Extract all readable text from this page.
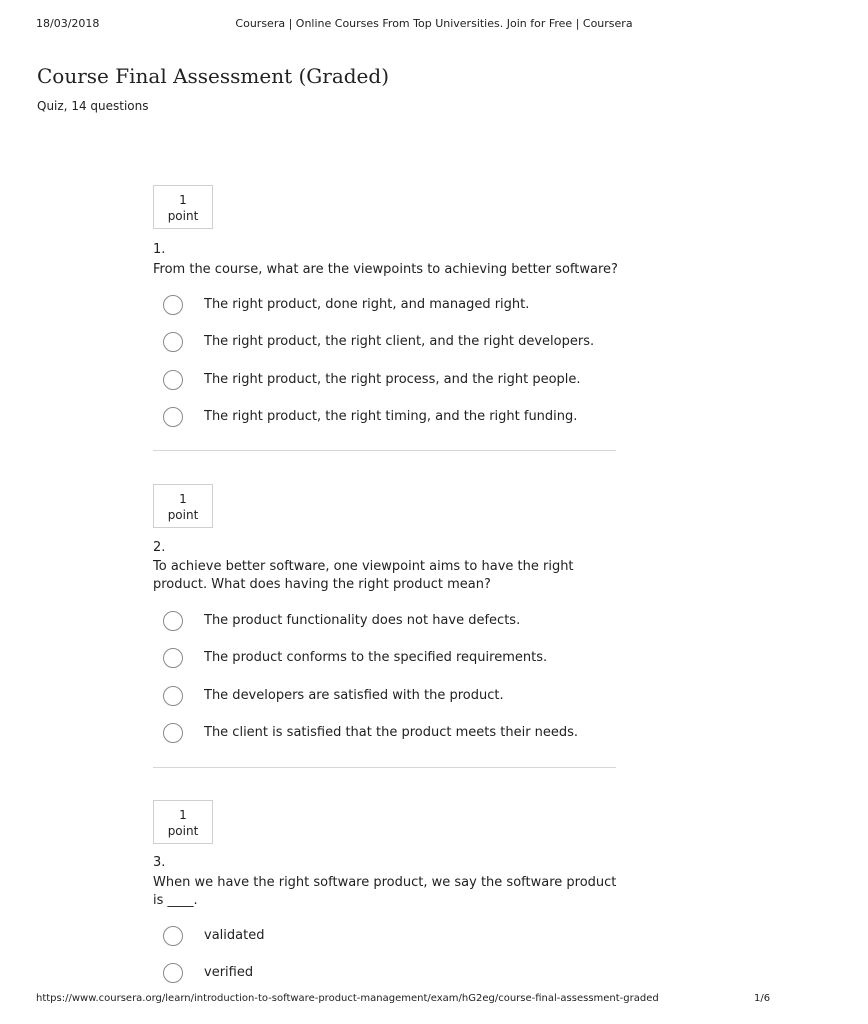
18/03/2018	Coursera | Online Courses From Top Universities. Join for Free | Coursera
Course Final Assessment (Graded)
Quiz, 14 questions
1
point
1.
From the course, what are the viewpoints to achieving better software?
The right product, done right, and managed right.
The right product, the right client, and the right developers.
The right product, the right process, and the right people.
The right product, the right timing, and the right funding.
1
point
2.
To achieve better software, one viewpoint aims to have the right product. What does having the right product mean?
The product functionality does not have defects.
The product conforms to the specified requirements.
The developers are satisfied with the product.
The client is satisfied that the product meets their needs.
1
point
3.
When we have the right software product, we say the software product is ____.
validated
verified
https://www.coursera.org/learn/introduction-to-software-product-management/exam/hG2eg/course-final-assessment-graded	1/6
